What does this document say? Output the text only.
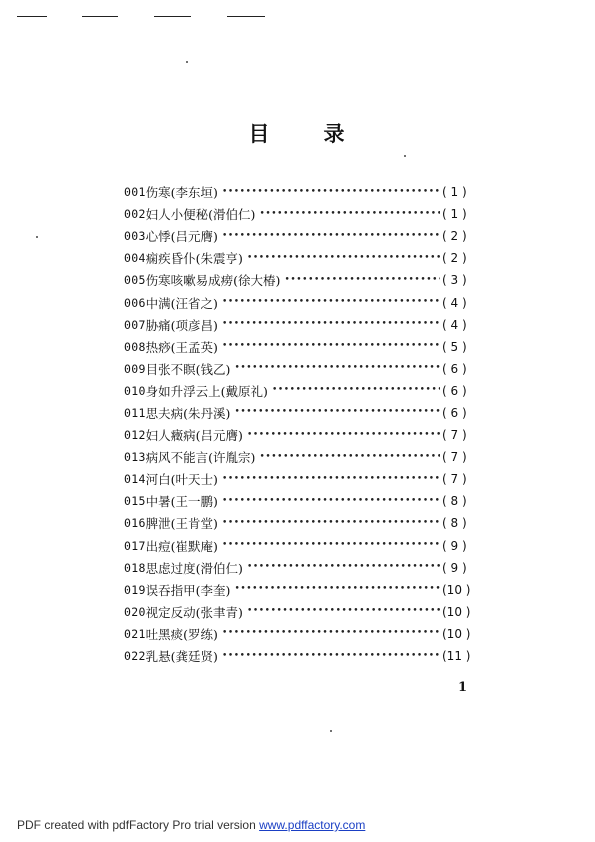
目 录
001 伤寒(李东垣) •••••	( 1 )
002 妇人小便秘(滑伯仁) •••••	( 1 )
003 心悸(吕元膺) •••••	( 2 )
004 痫疾昏仆(朱震亨) •••••	( 2 )
005 伤寒咳嗽易成痨(徐大椿) •••••	( 3 )
006 中满(汪省之) •••••	( 4 )
007 胁痛(项彦昌) •••••	( 4 )
008 热痧(王孟英) •••••	( 5 )
009 目张不瞑(钱乙) •••••	( 6 )
010 身如升浮云上(戴原礼) •••••	( 6 )
011 思夫病(朱丹溪) •••••	( 6 )
012 妇人癥病(吕元膺) •••••	( 7 )
013 病风不能言(许胤宗) •••••	( 7 )
014 河白(叶天士) •••••	( 7 )
015 中暑(王一鹏) •••••	( 8 )
016 脾泄(王肯堂) •••••	( 8 )
017 出痘(崔默庵) •••••	( 9 )
018 思虑过度(滑伯仁) •••••	( 9 )
019 误吞指甲(李奎) •••••	(10 )
020 视定反动(张聿青) •••••	(10 )
021 吐黑痰(罗练) •••••	(10 )
022 乳悬(龚廷贤) •••••	(11 )
1
PDF created with pdfFactory Pro trial version www.pdffactory.com
